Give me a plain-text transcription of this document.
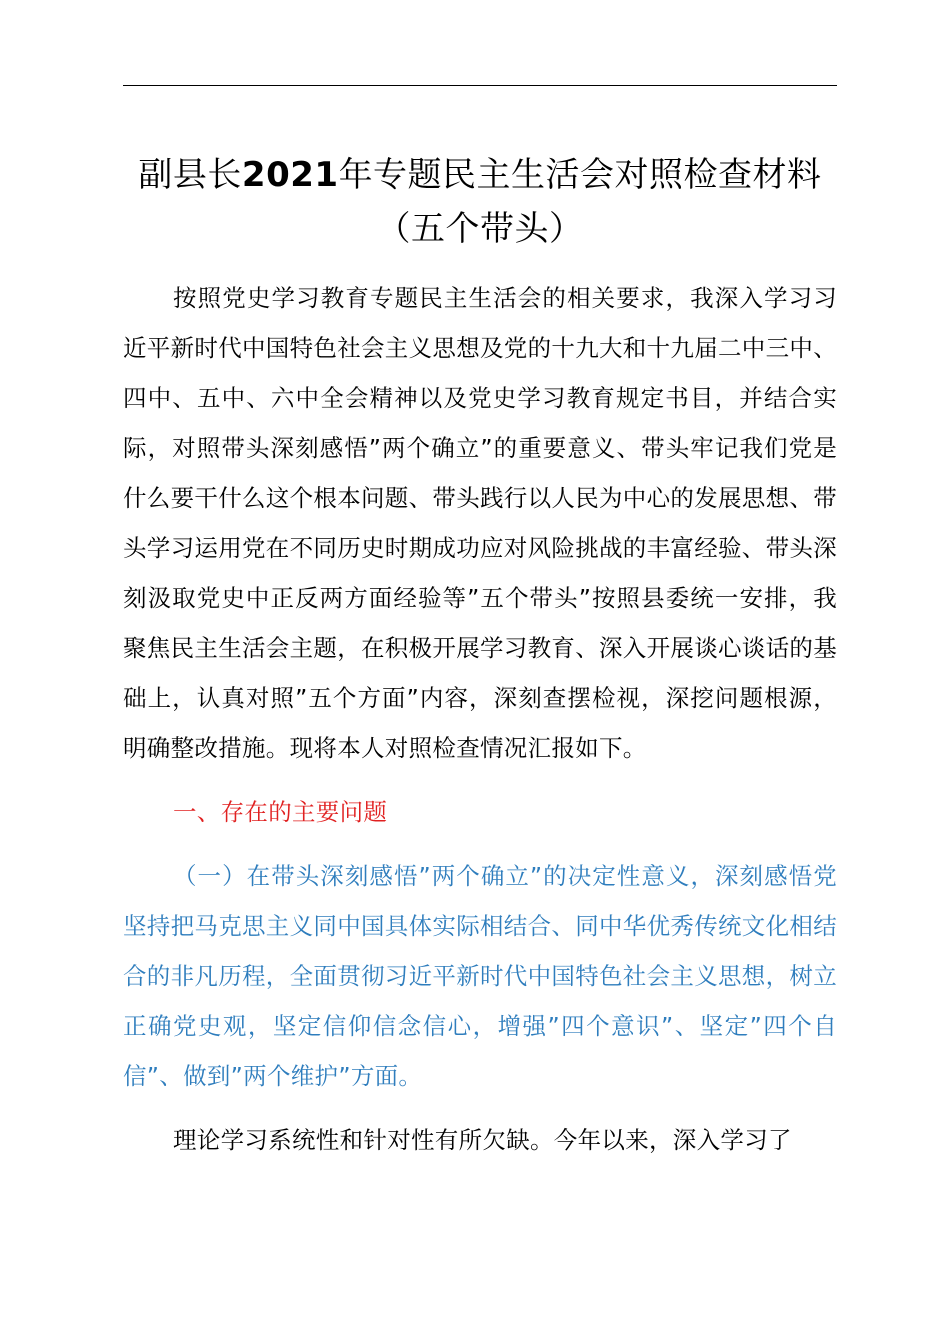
副县长2021年专题民主生活会对照检查材料
（五个带头）

按照党史学习教育专题民主生活会的相关要求，我深入学习习近平新时代中国特色社会主义思想及党的十九大和十九届二中三中、四中、五中、六中全会精神以及党史学习教育规定书目，并结合实际，对照带头深刻感悟”两个确立”的重要意义、带头牢记我们党是什么要干什么这个根本问题、带头践行以人民为中心的发展思想、带头学习运用党在不同历史时期成功应对风险挑战的丰富经验、带头深刻汲取党史中正反两方面经验等”五个带头”按照县委统一安排，我聚焦民主生活会主题，在积极开展学习教育、深入开展谈心谈话的基础上，认真对照”五个方面”内容，深刻查摆检视，深挖问题根源，明确整改措施。现将本人对照检查情况汇报如下。

一、存在的主要问题

（一）在带头深刻感悟”两个确立”的决定性意义，深刻感悟党坚持把马克思主义同中国具体实际相结合、同中华优秀传统文化相结合的非凡历程，全面贯彻习近平新时代中国特色社会主义思想，树立正确党史观，坚定信仰信念信心，增强”四个意识”、坚定”四个自信”、做到”两个维护”方面。

理论学习系统性和针对性有所欠缺。今年以来，深入学习了
